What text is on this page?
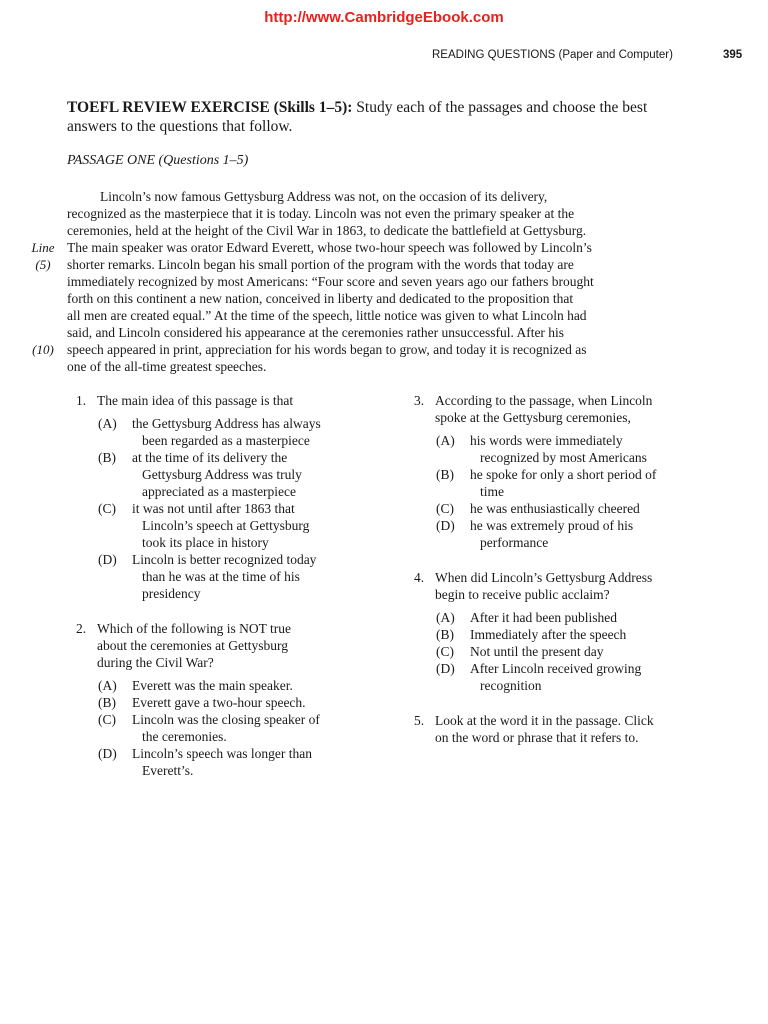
http://www.CambridgeEbook.com
READING QUESTIONS (Paper and Computer)	395
TOEFL REVIEW EXERCISE (Skills 1–5): Study each of the passages and choose the best
answers to the questions that follow.
PASSAGE ONE (Questions 1–5)
Lincoln’s now famous Gettysburg Address was not, on the occasion of its delivery,
recognized as the masterpiece that it is today. Lincoln was not even the primary speaker at the
ceremonies, held at the height of the Civil War in 1863, to dedicate the battlefield at Gettysburg.
The main speaker was orator Edward Everett, whose two-hour speech was followed by Lincoln’s
shorter remarks. Lincoln began his small portion of the program with the words that today are
immediately recognized by most Americans: “Four score and seven years ago our fathers brought
forth on this continent a new nation, conceived in liberty and dedicated to the proposition that
all men are created equal.” At the time of the speech, little notice was given to what Lincoln had
said, and Lincoln considered his appearance at the ceremonies rather unsuccessful. After his
speech appeared in print, appreciation for his words began to grow, and today it is recognized as
one of the all-time greatest speeches.
Line
(5)
(10)
1. The main idea of this passage is that
(A) the Gettysburg Address has always
been regarded as a masterpiece
(B) at the time of its delivery the
Gettysburg Address was truly
appreciated as a masterpiece
(C) it was not until after 1863 that
Lincoln’s speech at Gettysburg
took its place in history
(D) Lincoln is better recognized today
than he was at the time of his
presidency
2. Which of the following is NOT true
about the ceremonies at Gettysburg
during the Civil War?
(A) Everett was the main speaker.
(B) Everett gave a two-hour speech.
(C) Lincoln was the closing speaker of
the ceremonies.
(D) Lincoln’s speech was longer than
Everett’s.
3. According to the passage, when Lincoln
spoke at the Gettysburg ceremonies,
(A) his words were immediately
recognized by most Americans
(B) he spoke for only a short period of
time
(C) he was enthusiastically cheered
(D) he was extremely proud of his
performance
4. When did Lincoln’s Gettysburg Address
begin to receive public acclaim?
(A) After it had been published
(B) Immediately after the speech
(C) Not until the present day
(D) After Lincoln received growing
recognition
5. Look at the word it in the passage. Click
on the word or phrase that it refers to.
